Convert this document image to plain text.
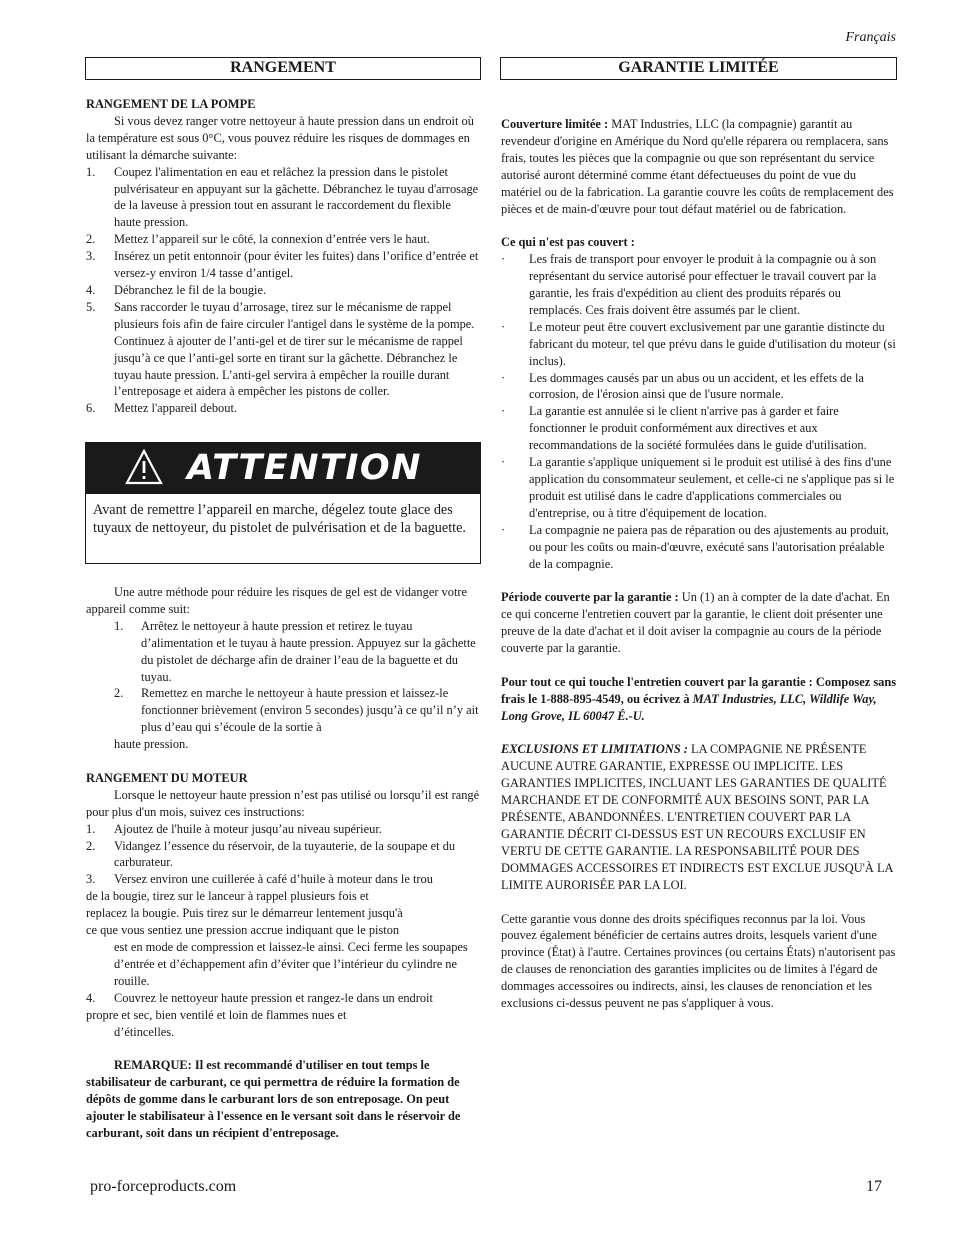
Français
RANGEMENT

RANGEMENT DE LA POMPE

Si vous devez ranger votre nettoyeur à haute pression dans un endroit où la température est sous 0°C, vous pouvez réduire les risques de dommages en utilisant la démarche suivante:

1. Coupez l'alimentation en eau et relâchez la pression dans le pistolet pulvérisateur en appuyant sur la gâchette. Débranchez le tuyau d'arrosage de la laveuse à pression tout en assurant le raccordement du flexible haute pression.
2. Mettez l’appareil sur le côté, la connexion d’entrée vers le haut.
3. Insérez un petit entonnoir (pour éviter les fuites) dans l’orifice d’entrée et versez-y environ 1/4 tasse d’antigel.
4. Débranchez le fil de la bougie.
5. Sans raccorder le tuyau d’arrosage, tirez sur le mécanisme de rappel plusieurs fois afin de faire circuler l'antigel dans le système de la pompe. Continuez à ajouter de l’anti-gel et de tirer sur le mécanisme de rappel jusqu’à ce que l’anti-gel sorte en tirant sur la gâchette. Débranchez le tuyau haute pression. L’anti-gel servira à empêcher la rouille durant l’entreposage et aidera à empêcher les pistons de coller.
6. Mettez l'appareil debout.
ATTENTION
Avant de remettre l’appareil en marche, dégelez toute glace des tuyaux de nettoyeur, du pistolet de pulvérisation et de la baguette.

Une autre méthode pour réduire les risques de gel est de vidanger votre appareil comme suit:

1. Arrêtez le nettoyeur à haute pression et retirez le tuyau d’alimentation et le tuyau à haute pression. Appuyez sur la gâchette du pistolet de décharge afin de drainer l’eau de la baguette et du tuyau.
2. Remettez en marche le nettoyeur à haute pression et laissez-le fonctionner brièvement (environ 5 secondes) jusqu’à ce qu’il n’y ait plus d’eau qui s’écoule de la sortie à

haute pression.

RANGEMENT DU MOTEUR

Lorsque le nettoyeur haute pression n’est pas utilisé ou lorsqu’il est rangé pour plus d'un mois, suivez ces instructions:

1. Ajoutez de l'huile à moteur jusqu’au niveau supérieur.
2. Vidangez l’essence du réservoir, de la tuyauterie, de la soupape et du carburateur.

3. Versez environ une cuillerée à café d’huile à moteur dans le trou

de la bougie, tirez sur le lanceur à rappel plusieurs fois et

replacez la bougie. Puis tirez sur le démarreur lentement jusqu'à

ce que vous sentiez une pression accrue indiquant que le piston

est en mode de compression et laissez-le ainsi. Ceci ferme les soupapes d’entrée et d’échappement afin d’éviter que l’intérieur du cylindre ne rouille.

4. Couvrez le nettoyeur haute pression et rangez-le dans un endroit

propre et sec, bien ventilé et loin de flammes nues et

d’étincelles.

REMARQUE: Il est recommandé d'utiliser en tout temps le stabilisateur de carburant, ce qui permettra de réduire la formation de dépôts de gomme dans le carburant lors de son entreposage. On peut ajouter le stabilisateur à l'essence en le versant soit dans le réservoir de carburant, soit dans un récipient d'entreposage.

GARANTIE LIMITÉE

Couverture limitée : MAT Industries, LLC (la compagnie) garantit au revendeur d'origine en Amérique du Nord qu'elle réparera ou remplacera, sans frais, toutes les pièces que la compagnie ou que son représentant du service autorisé auront déterminé comme étant défectueuses du point de vue du matériel ou de la fabrication. La garantie couvre les coûts de remplacement des pièces et de main-d'œuvre pour tout défaut matériel ou de fabrication.

Ce qui n'est pas couvert :

· Les frais de transport pour envoyer le produit à la compagnie ou à son représentant du service autorisé pour effectuer le travail couvert par la garantie, les frais d'expédition au client des produits réparés ou remplacés. Ces frais doivent être assumés par le client.
· Le moteur peut être couvert exclusivement par une garantie distincte du fabricant du moteur, tel que prévu dans le guide d'utilisation du moteur (si inclus).
· Les dommages causés par un abus ou un accident, et les effets de la corrosion, de l'érosion ainsi que de l'usure normale.
· La garantie est annulée si le client n'arrive pas à garder et faire fonctionner le produit conformément aux directives et aux recommandations de la société formulées dans le guide d'utilisation.
· La garantie s'applique uniquement si le produit est utilisé à des fins d'une application du consommateur seulement, et celle-ci ne s'applique pas si le produit est utilisé dans le cadre d'applications commerciales ou d'entreprise, ou à titre d'équipement de location.
· La compagnie ne paiera pas de réparation ou des ajustements au produit, ou pour les coûts ou main-d'œuvre, exécuté sans l'autorisation préalable de la compagnie.

Période couverte par la garantie : Un (1) an à compter de la date d'achat. En ce qui concerne l'entretien couvert par la garantie, le client doit présenter une preuve de la date d'achat et il doit aviser la compagnie au cours de la période couverte par la garantie.

Pour tout ce qui touche l'entretien couvert par la garantie : Composez sans frais le 1-888-895-4549, ou écrivez à MAT Industries, LLC, Wildlife Way, Long Grove, IL 60047 É.-U.

EXCLUSIONS ET LIMITATIONS : LA COMPAGNIE NE PRÉSENTE AUCUNE AUTRE GARANTIE, EXPRESSE OU IMPLICITE. LES GARANTIES IMPLICITES, INCLUANT LES GARANTIES DE QUALITÉ MARCHANDE ET DE CONFORMITÉ AUX BESOINS SONT, PAR LA PRÉSENTE, ABANDONNÉES. L'ENTRETIEN COUVERT PAR LA GARANTIE DÉCRIT CI-DESSUS EST UN RECOURS EXCLUSIF EN VERTU DE CETTE GARANTIE. LA RESPONSABILITÉ POUR DES DOMMAGES ACCESSOIRES ET INDIRECTS EST EXCLUE JUSQU'À LA LIMITE AURORISÉE PAR LA LOI.

Cette garantie vous donne des droits spécifiques reconnus par la loi. Vous pouvez également bénéficier de certains autres droits, lesquels varient d'une province (État) à l'autre. Certaines provinces (ou certains États) n'autorisent pas de clauses de renonciation des garanties implicites ou de limites à l'égard de dommages accessoires ou indirects, ainsi, les clauses de renonciation et les exclusions ci-dessus peuvent ne pas s'appliquer à vous.

pro-forceproducts.com	17
